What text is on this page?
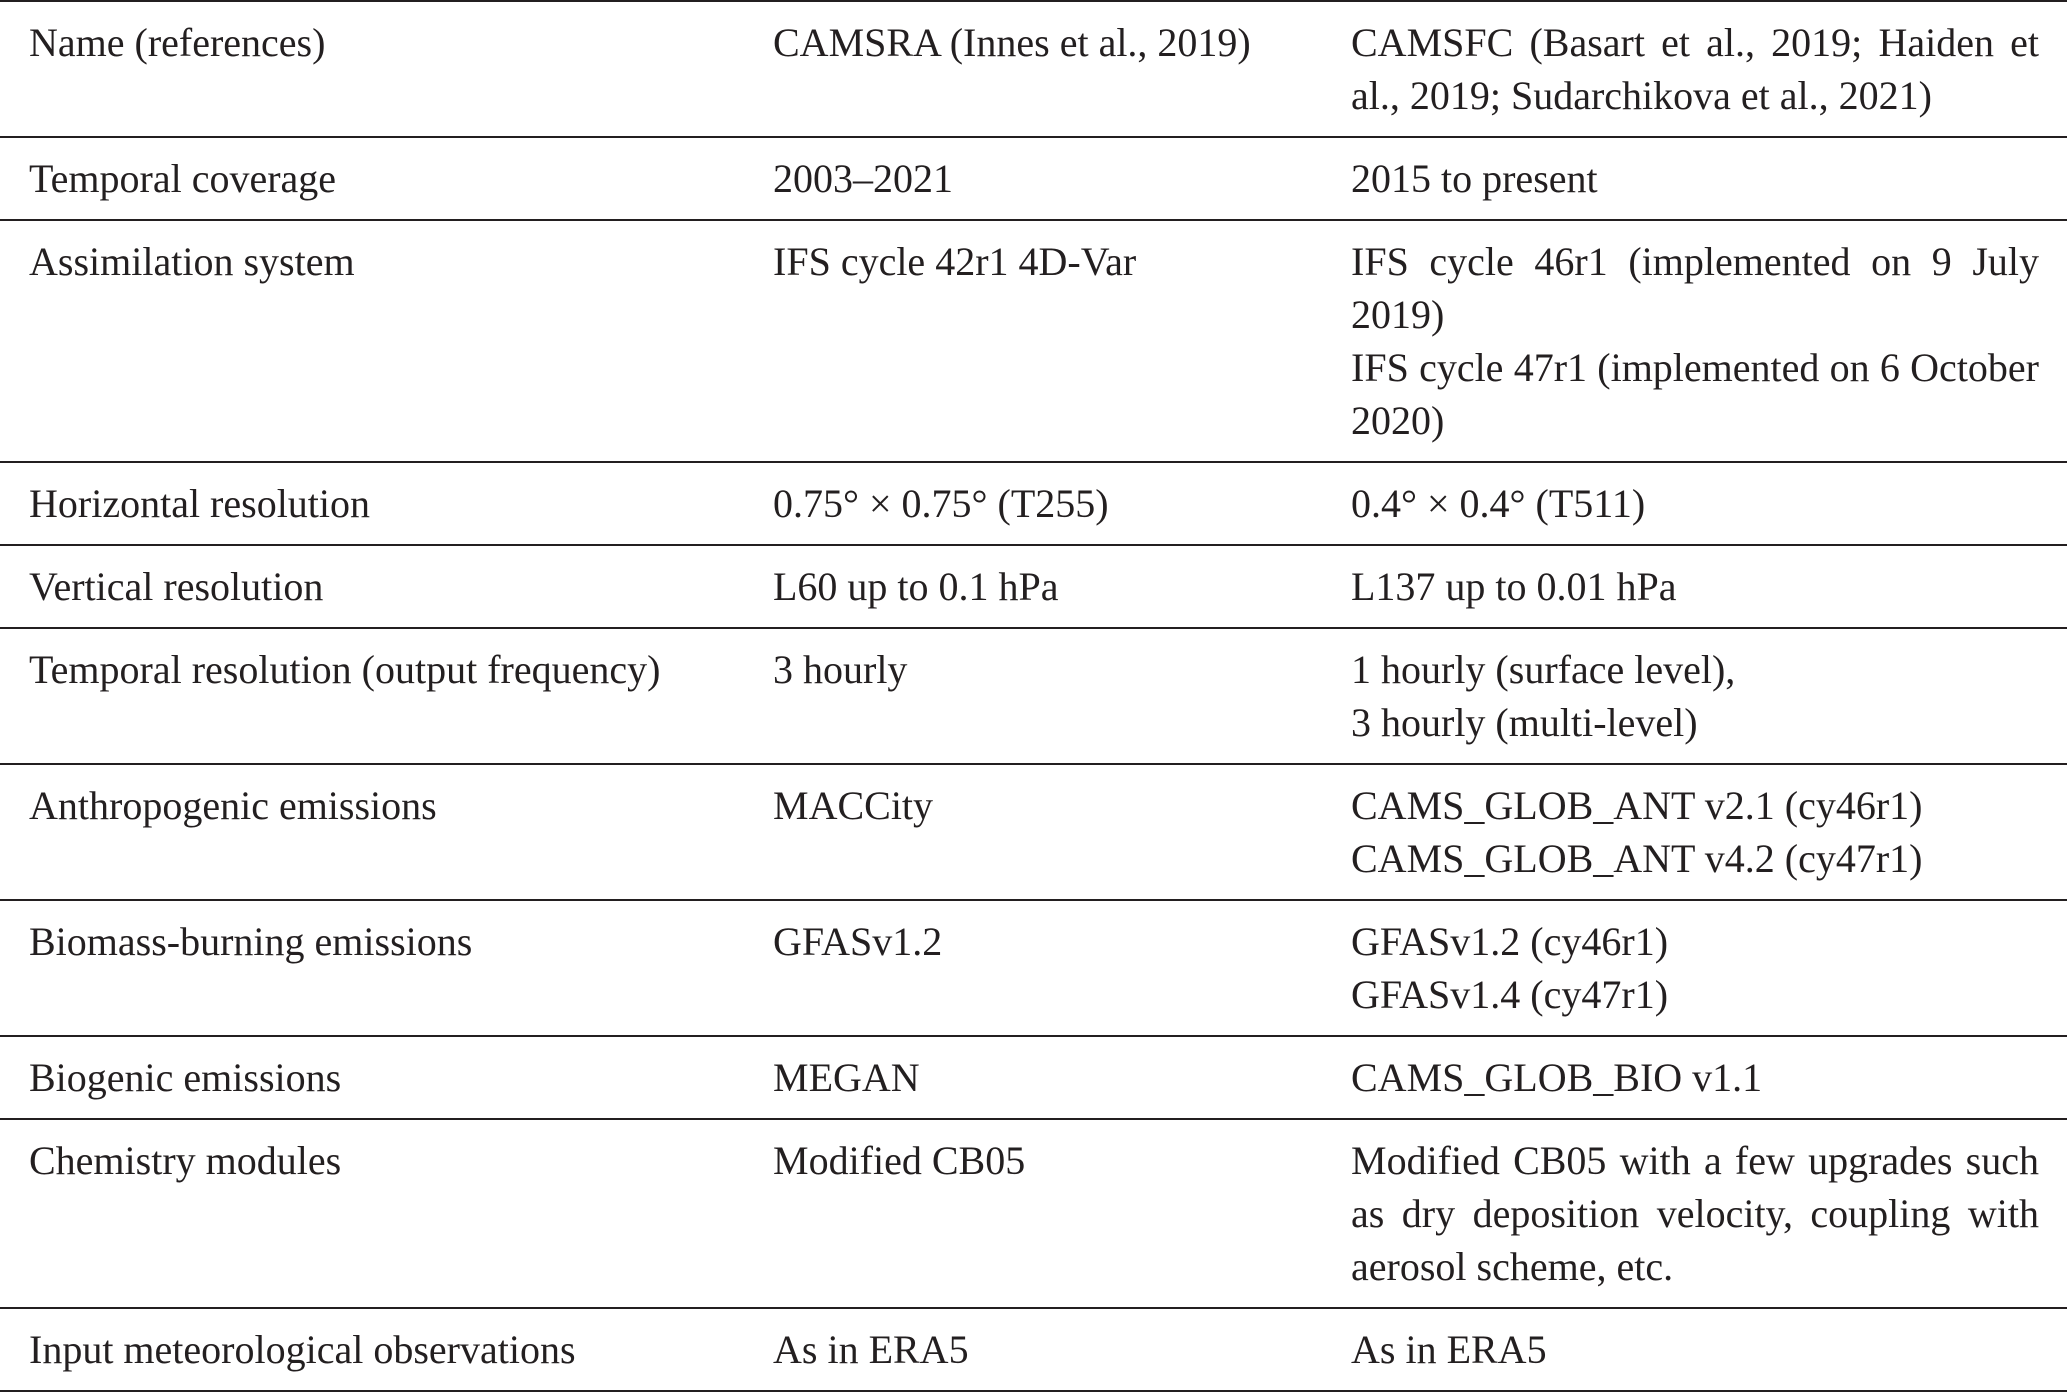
Name (references)	CAMSRA (Innes et al., 2019)	CAMSFC (Basart et al., 2019; Haiden et al., 2019; Sudarchikova et al., 2021)

Temporal coverage	2003–2021	2015 to present

Assimilation system	IFS cycle 42r1 4D-Var	IFS cycle 46r1 (implemented on 9 July 2019)
IFS cycle 47r1 (implemented on 6 October 2020)

Horizontal resolution	0.75° × 0.75° (T255)	0.4° × 0.4° (T511)

Vertical resolution	L60 up to 0.1 hPa	L137 up to 0.01 hPa

Temporal resolution (output frequency)	3 hourly	1 hourly (surface level),
3 hourly (multi-level)

Anthropogenic emissions	MACCity	CAMS_GLOB_ANT v2.1 (cy46r1)
CAMS_GLOB_ANT v4.2 (cy47r1)

Biomass-burning emissions	GFASv1.2	GFASv1.2 (cy46r1)
GFASv1.4 (cy47r1)

Biogenic emissions	MEGAN	CAMS_GLOB_BIO v1.1

Chemistry modules	Modified CB05	Modified CB05 with a few upgrades such as dry deposition velocity, coupling with aerosol scheme, etc.

Input meteorological observations	As in ERA5	As in ERA5
